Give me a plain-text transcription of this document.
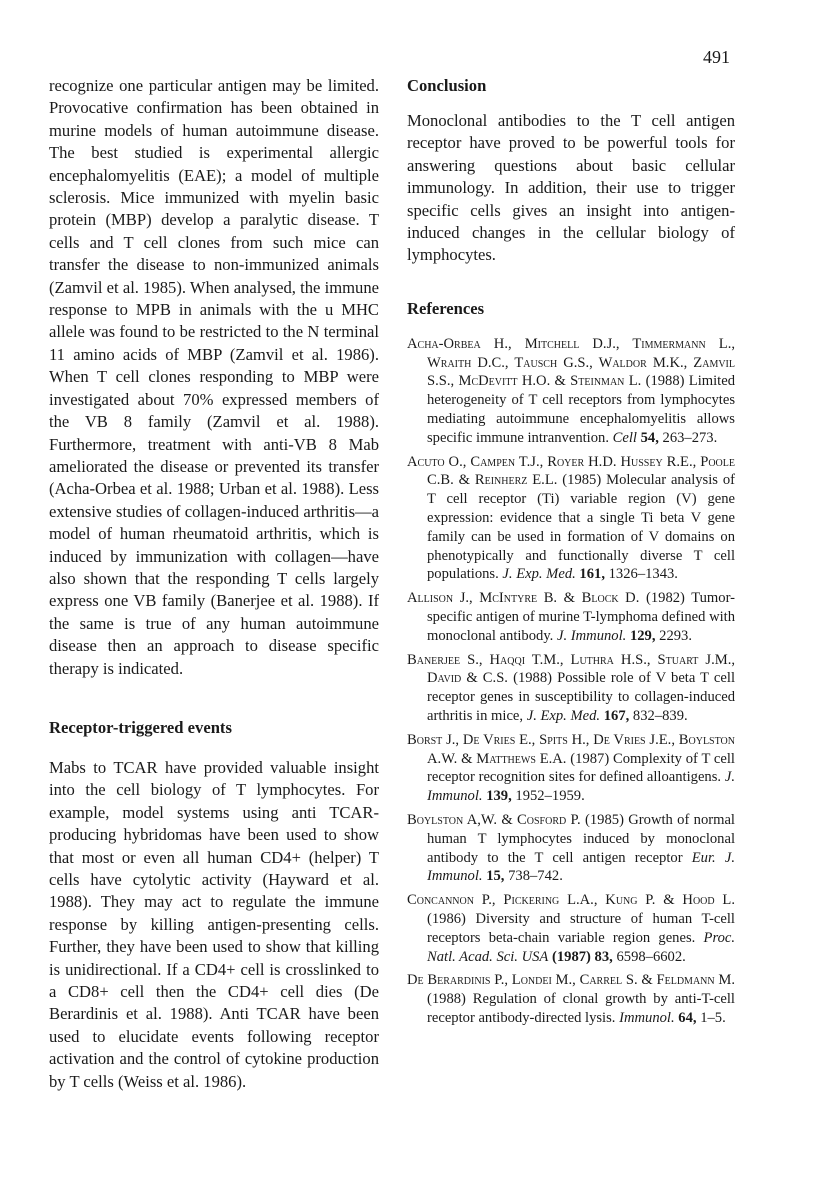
491

recognize one particular antigen may be limited. Provocative confirmation has been obtained in murine models of human autoimmune disease. The best studied is experimental allergic encephalomyelitis (EAE); a model of multiple sclerosis. Mice immunized with myelin basic protein (MBP) develop a paralytic disease. T cells and T cell clones from such mice can transfer the disease to non-immunized animals (Zamvil et al. 1985). When analysed, the immune response to MPB in animals with the u MHC allele was found to be restricted to the N terminal 11 amino acids of MBP (Zamvil et al. 1986). When T cell clones responding to MBP were investigated about 70% expressed members of the VB 8 family (Zamvil et al. 1988). Furthermore, treatment with anti-VB 8 Mab ameliorated the disease or prevented its transfer (Acha-Orbea et al. 1988; Urban et al. 1988). Less extensive studies of collagen-induced arthritis—a model of human rheumatoid arthritis, which is induced by immunization with collagen—have also shown that the responding T cells largely express one VB family (Banerjee et al. 1988). If the same is true of any human autoimmune disease then an approach to disease specific therapy is indicated.

Receptor-triggered events

Mabs to TCAR have provided valuable insight into the cell biology of T lymphocytes. For example, model systems using anti TCAR-producing hybridomas have been used to show that most or even all human CD4+ (helper) T cells have cytolytic activity (Hayward et al. 1988). They may act to regulate the immune response by killing antigen-presenting cells. Further, they have been used to show that killing is unidirectional. If a CD4+ cell is crosslinked to a CD8+ cell then the CD4+ cell dies (De Berardinis et al. 1988). Anti TCAR have been used to elucidate events following receptor activation and the control of cytokine production by T cells (Weiss et al. 1986).

Conclusion

Monoclonal antibodies to the T cell antigen receptor have proved to be powerful tools for answering questions about basic cellular immunology. In addition, their use to trigger specific cells gives an insight into antigen-induced changes in the cellular biology of lymphocytes.

References
Acha-Orbea H., Mitchell D.J., Timmermann L., Wraith D.C., Tausch G.S., Waldor M.K., Zamvil S.S., McDevitt H.O. & Steinman L. (1988) Limited heterogeneity of T cell receptors from lymphocytes mediating autoimmune encephalomyelitis allows specific immune intranvention. Cell 54, 263–273.
Acuto O., Campen T.J., Royer H.D. Hussey R.E., Poole C.B. & Reinherz E.L. (1985) Molecular analysis of T cell receptor (Ti) variable region (V) gene expression: evidence that a single Ti beta V gene family can be used in formation of V domains on phenotypically and functionally diverse T cell populations. J. Exp. Med. 161, 1326–1343.
Allison J., McIntyre B. & Block D. (1982) Tumor-specific antigen of murine T-lymphoma defined with monoclonal antibody. J. Immunol. 129, 2293.
Banerjee S., Haqqi T.M., Luthra H.S., Stuart J.M., David & C.S. (1988) Possible role of V beta T cell receptor genes in susceptibility to collagen-induced arthritis in mice, J. Exp. Med. 167, 832–839.
Borst J., De Vries E., Spits H., De Vries J.E., Boylston A.W. & Matthews E.A. (1987) Complexity of T cell receptor recognition sites for defined alloantigens. J. Immunol. 139, 1952–1959.
Boylston A,W. & Cosford P. (1985) Growth of normal human T lymphocytes induced by monoclonal antibody to the T cell antigen receptor Eur. J. Immunol. 15, 738–742.
Concannon P., Pickering L.A., Kung P. & Hood L. (1986) Diversity and structure of human T-cell receptors beta-chain variable region genes. Proc. Natl. Acad. Sci. USA (1987) 83, 6598–6602.
De Berardinis P., Londei M., Carrel S. & Feldmann M. (1988) Regulation of clonal growth by anti-T-cell receptor antibody-directed lysis. Immunol. 64, 1–5.
